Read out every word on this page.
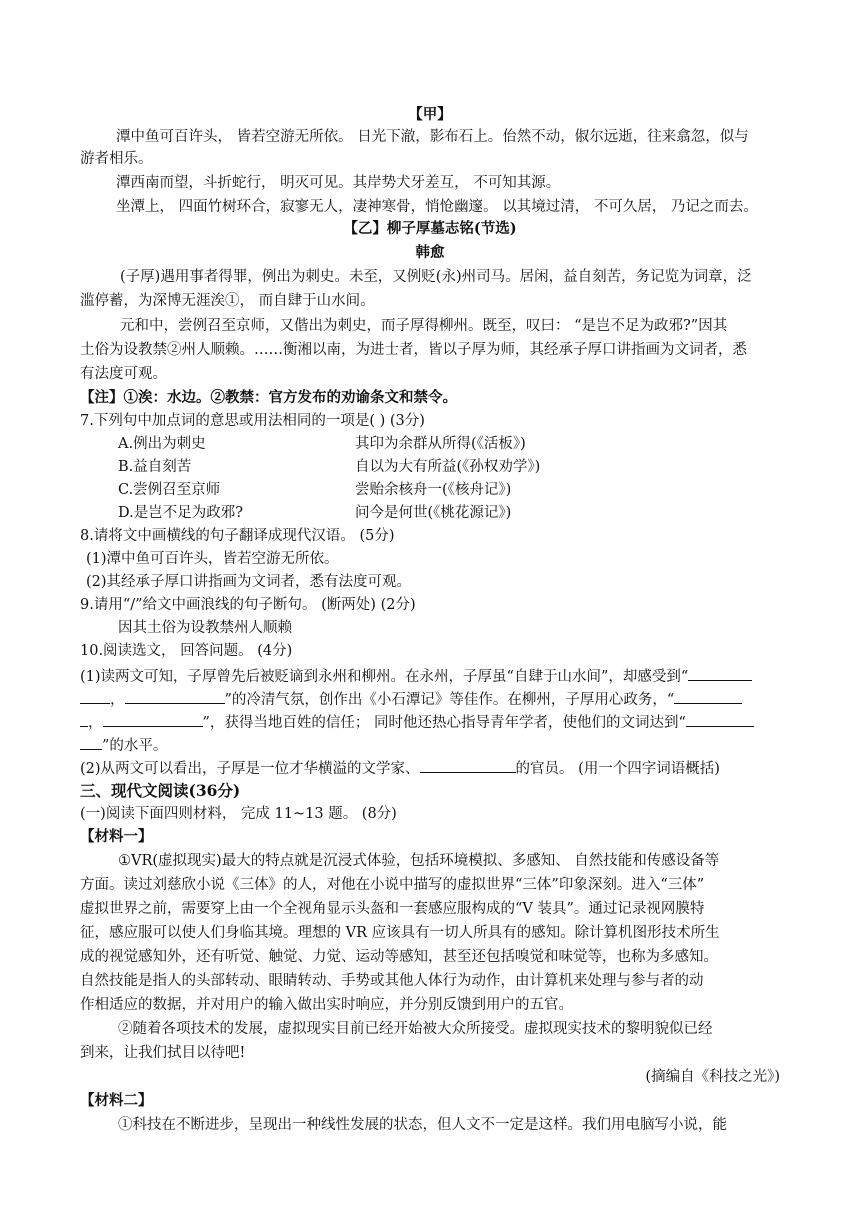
【甲】
潭中鱼可百许头， 皆若空游无所依。 日光下澈，影布石上。佁然不动，俶尔远逝，往来翕忽，似与
游者相乐。
潭西南而望，斗折蛇行， 明灭可见。其岸势犬牙差互， 不可知其源。
坐潭上， 四面竹树环合，寂寥无人，凄神寒骨，悄怆幽邃。 以其境过清， 不可久居， 乃记之而去。
【乙】柳子厚墓志铭(节选)
韩愈
(子厚)遇用事者得罪，例出为刺史。未至，又例贬(永)州司马。居闲，益自刻苦，务记览为词章，泛
滥停蓄，为深博无涯涘①， 而自肆于山水间。
元和中，尝例召至京师，又偕出为刺史，而子厚得柳州。既至，叹曰： “是岂不足为政邪?”因其
土俗为设教禁②州人顺赖。……衡湘以南，为进士者，皆以子厚为师，其经承子厚口讲指画为文词者，悉
有法度可观。
【注】①涘：水边。②教禁：官方发布的劝谕条文和禁令。
7.下列句中加点词的意思或用法相同的一项是( ) (3分)
A.例出为刺史	其印为余群从所得(《活板》)
B.益自刻苦	自以为大有所益(《孙权劝学》)
C.尝例召至京师	尝贻余核舟一(《核舟记》)
D.是岂不足为政邪?	问今是何世(《桃花源记》)
8.请将文中画横线的句子翻译成现代汉语。 (5分)
(1)潭中鱼可百许头，皆若空游无所依。
(2)其经承子厚口讲指画为文词者，悉有法度可观。
9.请用“/”给文中画浪线的句子断句。 (断两处) (2分)
因其土俗为设教禁州人顺赖
10.阅读选文， 回答问题。 (4分)
(1)读两文可知，子厚曾先后被贬谪到永州和柳州。在永州，子厚虽“自肆于山水间”，却感受到“
，	”的冷清气氛，创作出《小石潭记》等佳作。在柳州，子厚用心政务，“
，	”，获得当地百姓的信任； 同时他还热心指导青年学者，使他们的文词达到“
”的水平。
(2)从两文可以看出，子厚是一位才华横溢的文学家、	的官员。 (用一个四字词语概括)
三、现代文阅读(36分)
(一)阅读下面四则材料， 完成 11~13 题。 (8分)
【材料一】
①VR(虚拟现实)最大的特点就是沉浸式体验，包括环境模拟、多感知、 自然技能和传感设备等
方面。读过刘慈欣小说《三体》的人，对他在小说中描写的虚拟世界“三体”印象深刻。进入“三体”
虚拟世界之前，需要穿上由一个全视角显示头盔和一套感应服构成的“V 装具”。通过记录视网膜特
征，感应服可以使人们身临其境。理想的 VR 应该具有一切人所具有的感知。除计算机图形技术所生
成的视觉感知外，还有听觉、触觉、力觉、运动等感知，甚至还包括嗅觉和味觉等，也称为多感知。
自然技能是指人的头部转动、眼睛转动、手势或其他人体行为动作，由计算机来处理与参与者的动
作相适应的数据，并对用户的输入做出实时响应，并分别反馈到用户的五官。
②随着各项技术的发展，虚拟现实目前已经开始被大众所接受。虚拟现实技术的黎明貌似已经
到来，让我们拭目以待吧!
(摘编自《科技之光》)
【材料二】
①科技在不断进步，呈现出一种线性发展的状态，但人文不一定是这样。我们用电脑写小说，能
